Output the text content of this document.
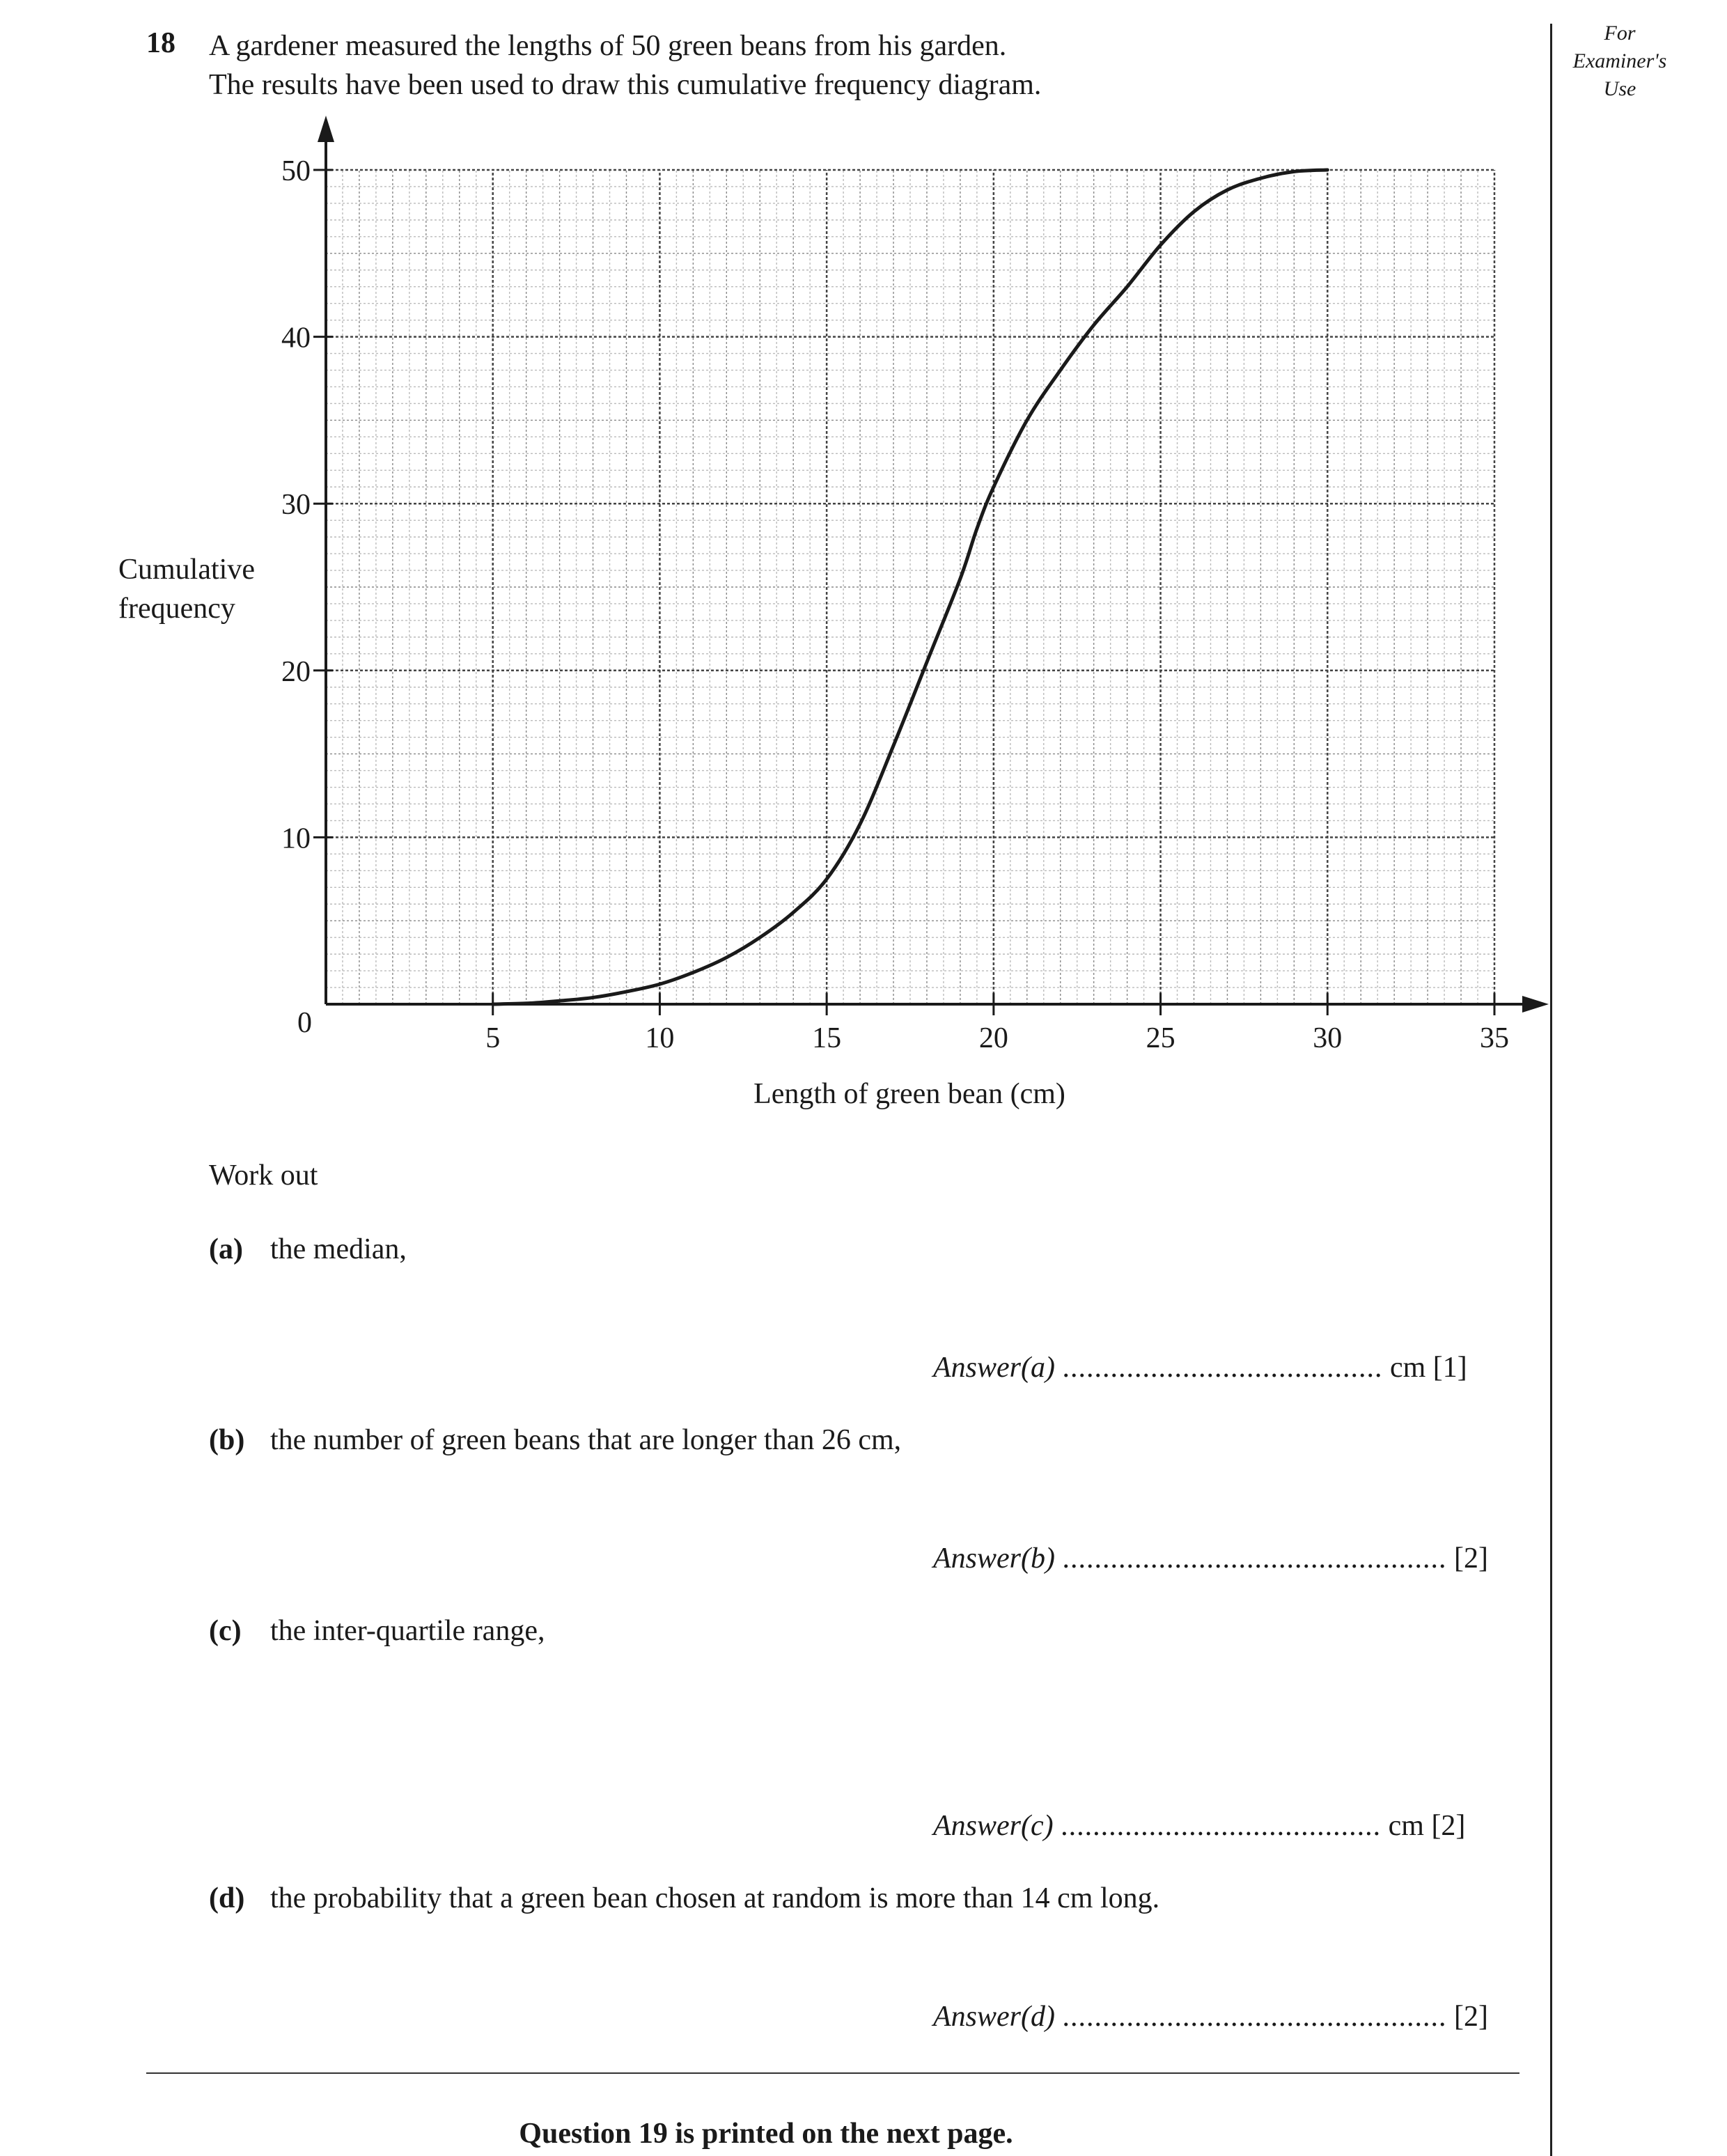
18 A gardener measured the lengths of 50 green beans from his garden.
The results have been used to draw this cumulative frequency diagram.
For
Examiner's
Use
Cumulative
frequency
5	10	15	20	25	30	35
10
20
30
40
50
0
Length of green bean (cm)
Work out
(a) the median,
Answer(a) ........................................ cm [1]
(b) the number of green beans that are longer than 26 cm,
Answer(b) ................................................ [2]
(c) the inter-quartile range,
Answer(c) ........................................ cm [2]
(d) the probability that a green bean chosen at random is more than 14 cm long.
Answer(d) ................................................ [2]
Question 19 is printed on the next page.
